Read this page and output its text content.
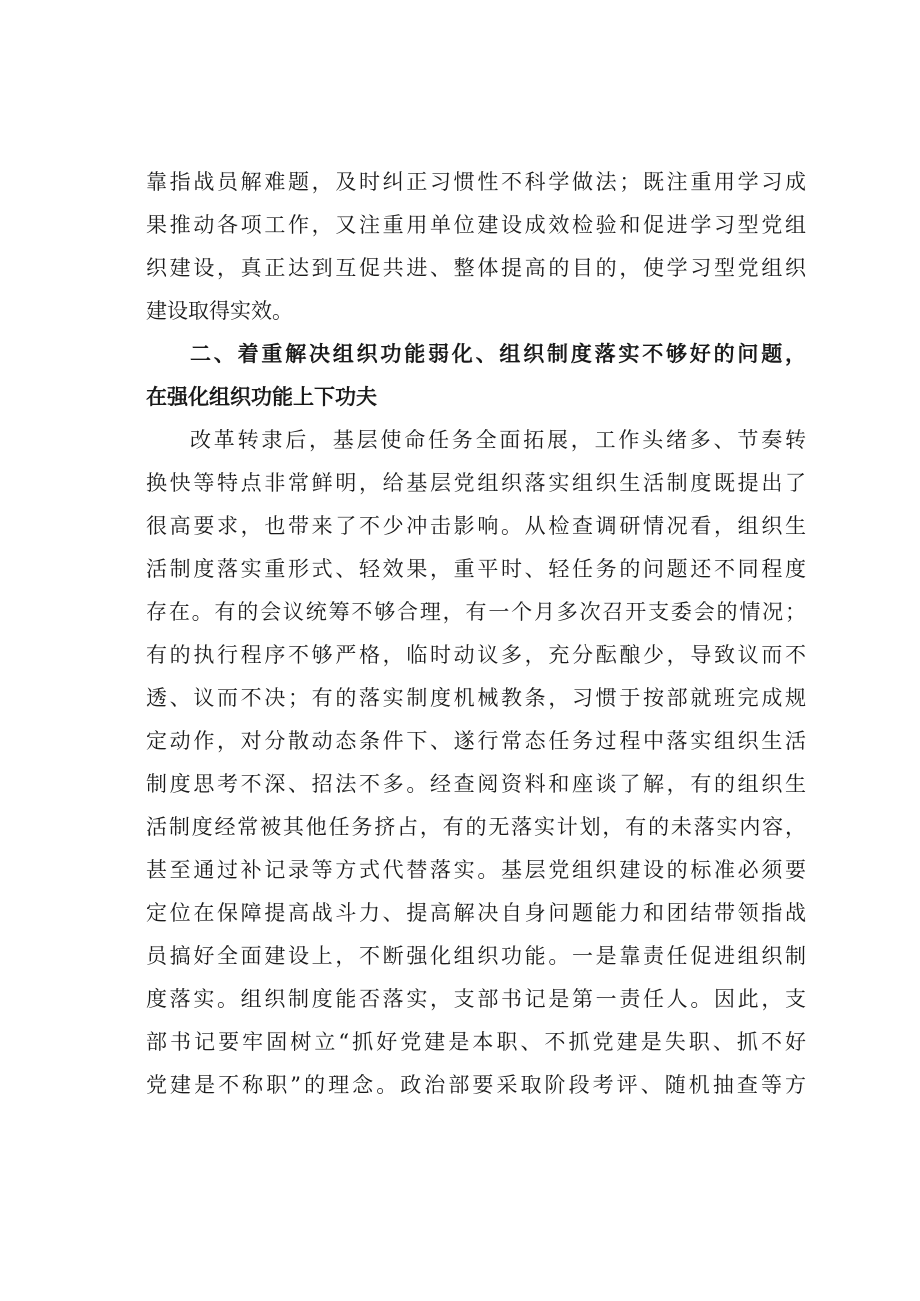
靠指战员解难题，及时纠正习惯性不科学做法；既注重用学习成
果推动各项工作，又注重用单位建设成效检验和促进学习型党组
织建设，真正达到互促共进、整体提高的目的，使学习型党组织
建设取得实效。
二、着重解决组织功能弱化、组织制度落实不够好的问题，
在强化组织功能上下功夫
改革转隶后，基层使命任务全面拓展，工作头绪多、节奏转
换快等特点非常鲜明，给基层党组织落实组织生活制度既提出了
很高要求，也带来了不少冲击影响。从检查调研情况看，组织生
活制度落实重形式、轻效果，重平时、轻任务的问题还不同程度
存在。有的会议统筹不够合理，有一个月多次召开支委会的情况；
有的执行程序不够严格，临时动议多，充分酝酿少，导致议而不
透、议而不决；有的落实制度机械教条，习惯于按部就班完成规
定动作，对分散动态条件下、遂行常态任务过程中落实组织生活
制度思考不深、招法不多。经查阅资料和座谈了解，有的组织生
活制度经常被其他任务挤占，有的无落实计划，有的未落实内容，
甚至通过补记录等方式代替落实。基层党组织建设的标准必须要
定位在保障提高战斗力、提高解决自身问题能力和团结带领指战
员搞好全面建设上，不断强化组织功能。一是靠责任促进组织制
度落实。组织制度能否落实，支部书记是第一责任人。因此，支
部书记要牢固树立“抓好党建是本职、不抓党建是失职、抓不好
党建是不称职”的理念。政治部要采取阶段考评、随机抽查等方
